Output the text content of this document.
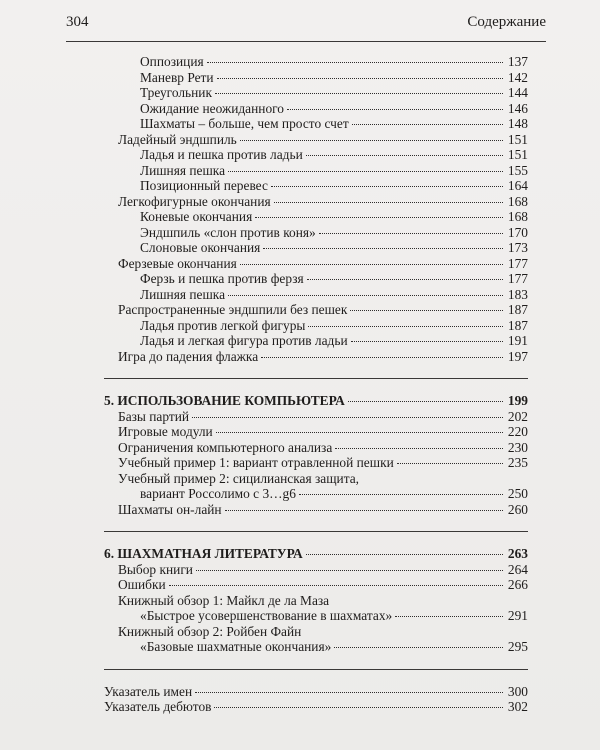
304	Содержание
Оппозиция	137
Маневр Рети	142
Треугольник	144
Ожидание неожиданного	146
Шахматы – больше, чем просто счет	148
Ладейный эндшпиль	151
Ладья и пешка против ладьи	151
Лишняя пешка	155
Позиционный перевес	164
Легкофигурные окончания	168
Коневые окончания	168
Эндшпиль «слон против коня»	170
Слоновые окончания	173
Ферзевые окончания	177
Ферзь и пешка против ферзя	177
Лишняя пешка	183
Распространенные эндшпили без пешек	187
Ладья против легкой фигуры	187
Ладья и легкая фигура против ладьи	191
Игра до падения флажка	197
5. ИСПОЛЬЗОВАНИЕ КОМПЬЮТЕРА	199
Базы партий	202
Игровые модули	220
Ограничения компьютерного анализа	230
Учебный пример 1: вариант отравленной пешки	235
Учебный пример 2: сицилианская защита,
вариант Россолимо с 3…g6	250
Шахматы он-лайн	260
6. ШАХМАТНАЯ ЛИТЕРАТУРА	263
Выбор книги	264
Ошибки	266
Книжный обзор 1: Майкл де ла Маза
«Быстрое усовершенствование в шахматах»	291
Книжный обзор 2: Ройбен Файн
«Базовые шахматные окончания»	295
Указатель имен	300
Указатель дебютов	302
